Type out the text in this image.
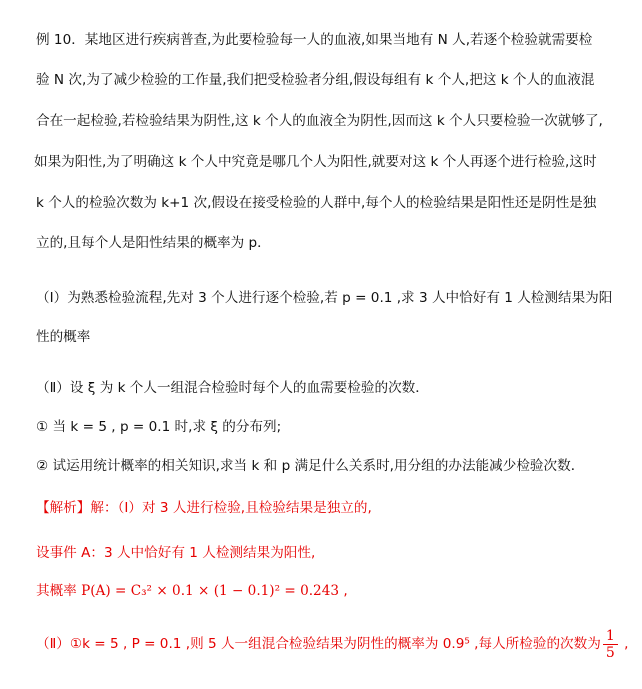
例 10．某地区进行疾病普查,为此要检验每一人的血液,如果当地有 N 人,若逐个检验就需要检
验 N 次,为了减少检验的工作量,我们把受检验者分组,假设每组有 k 个人,把这 k 个人的血液混
合在一起检验,若检验结果为阴性,这 k 个人的血液全为阴性,因而这 k 个人只要检验一次就够了,
如果为阳性,为了明确这 k 个人中究竟是哪几个人为阳性,就要对这 k 个人再逐个进行检验,这时
k 个人的检验次数为 k+1 次,假设在接受检验的人群中,每个人的检验结果是阳性还是阴性是独
立的,且每个人是阳性结果的概率为 p．
（Ⅰ）为熟悉检验流程,先对 3 个人进行逐个检验,若 p = 0.1 ,求 3 人中恰好有 1 人检测结果为阳
性的概率
（Ⅱ）设 ξ 为 k 个人一组混合检验时每个人的血需要检验的次数．
① 当 k = 5 , p = 0.1 时,求 ξ 的分布列;
② 试运用统计概率的相关知识,求当 k 和 p 满足什么关系时,用分组的办法能减少检验次数．
【解析】解：（Ⅰ）对 3 人进行检验,且检验结果是独立的,
设事件 A：3 人中恰好有 1 人检测结果为阳性,
其概率 P(A) = C₃² × 0.1 × (1 − 0.1)² = 0.243 ,
（Ⅱ）①k = 5 , P = 0.1 ,则 5 人一组混合检验结果为阴性的概率为 0.9⁵ ,每人所检验的次数为 $\frac{1}{5}$ ,
